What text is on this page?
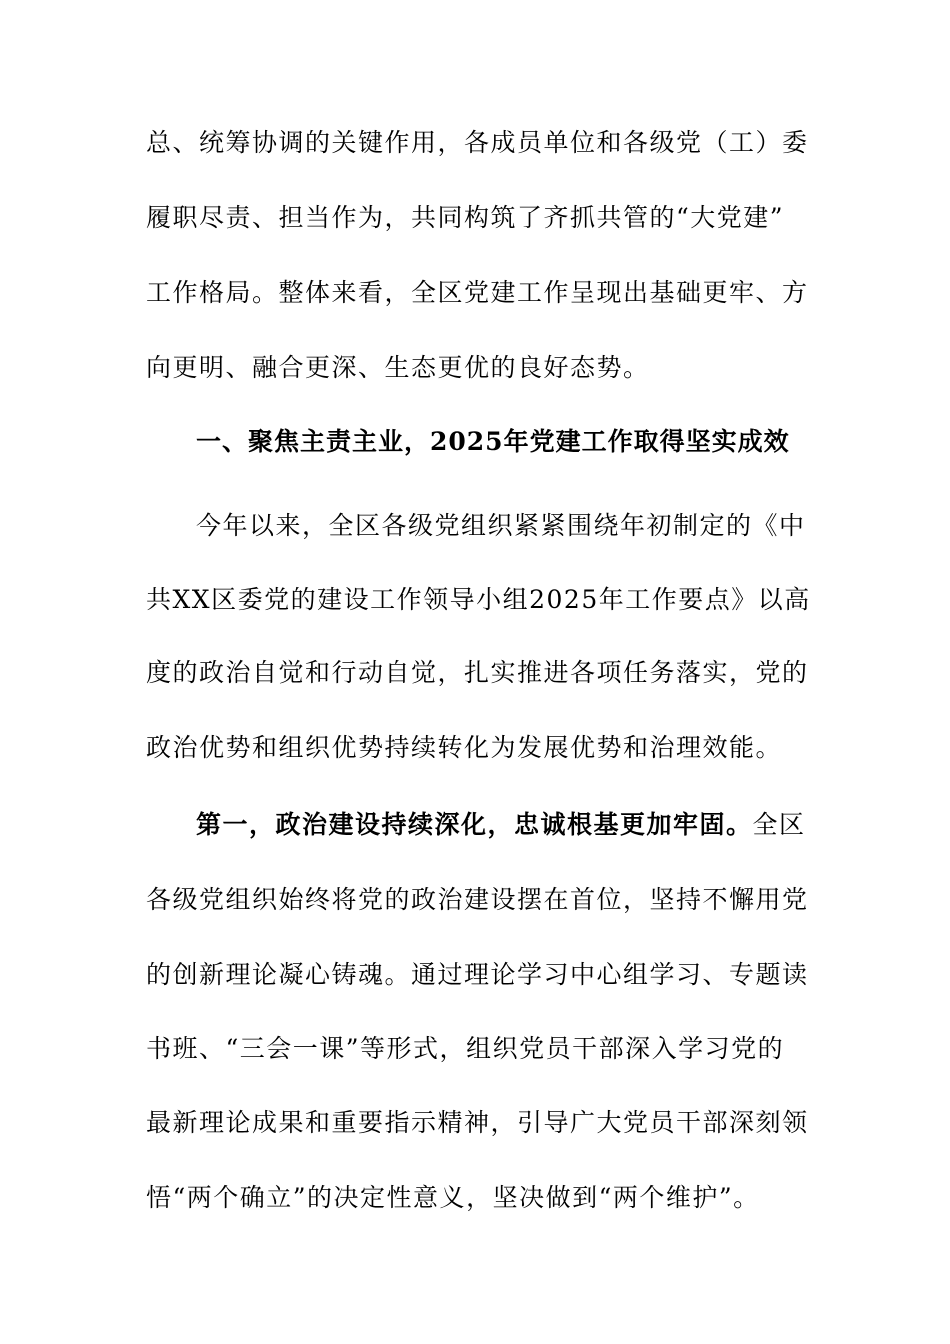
总、统筹协调的关键作用，各成员单位和各级党（工）委
履职尽责、担当作为，共同构筑了齐抓共管的“大党建”
工作格局。整体来看，全区党建工作呈现出基础更牢、方
向更明、融合更深、生态更优的良好态势。
一、聚焦主责主业，2025年党建工作取得坚实成效
今年以来，全区各级党组织紧紧围绕年初制定的《中
共XX区委党的建设工作领导小组2025年工作要点》以高
度的政治自觉和行动自觉，扎实推进各项任务落实，党的
政治优势和组织优势持续转化为发展优势和治理效能。
第一，政治建设持续深化，忠诚根基更加牢固。全区
各级党组织始终将党的政治建设摆在首位，坚持不懈用党
的创新理论凝心铸魂。通过理论学习中心组学习、专题读
书班、“三会一课”等形式，组织党员干部深入学习党的
最新理论成果和重要指示精神，引导广大党员干部深刻领
悟“两个确立”的决定性意义，坚决做到“两个维护”。
